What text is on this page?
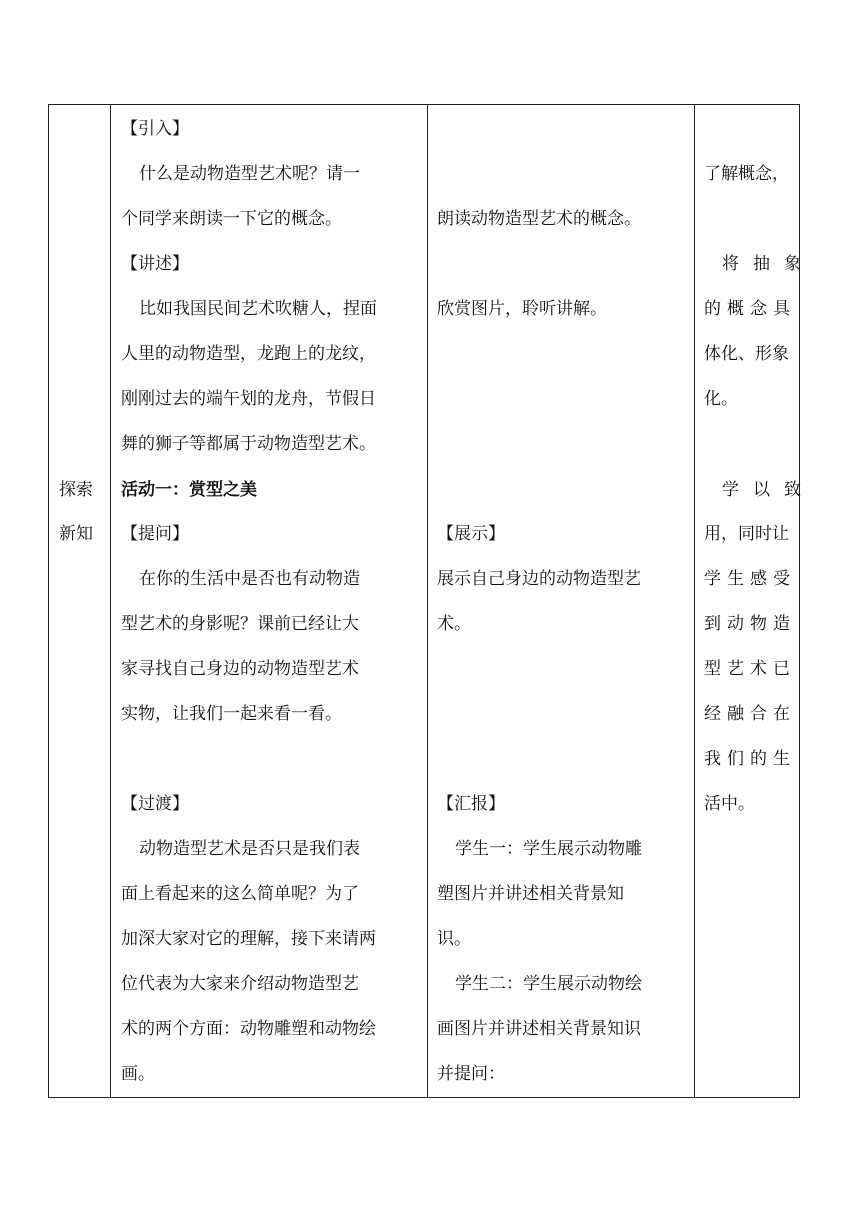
探索
新知
【引入】
什么是动物造型艺术呢？请一
个同学来朗读一下它的概念。
【讲述】
比如我国民间艺术吹糖人，捏面
人里的动物造型，龙跑上的龙纹，
刚刚过去的端午划的龙舟，节假日
舞的狮子等都属于动物造型艺术。
活动一：赏型之美
【提问】
在你的生活中是否也有动物造
型艺术的身影呢？课前已经让大
家寻找自己身边的动物造型艺术
实物，让我们一起来看一看。
【过渡】
动物造型艺术是否只是我们表
面上看起来的这么简单呢？为了
加深大家对它的理解，接下来请两
位代表为大家来介绍动物造型艺
术的两个方面：动物雕塑和动物绘
画。
朗读动物造型艺术的概念。
欣赏图片，聆听讲解。
【展示】
展示自己身边的动物造型艺
术。
【汇报】
学生一：学生展示动物雕
塑图片并讲述相关背景知
识。
学生二：学生展示动物绘
画图片并讲述相关背景知识
并提问：
了解概念，
将抽象
的概念具
体化、形象
化。
学以致
用，同时让
学生感受
到动物造
型艺术已
经融合在
我们的生
活中。
